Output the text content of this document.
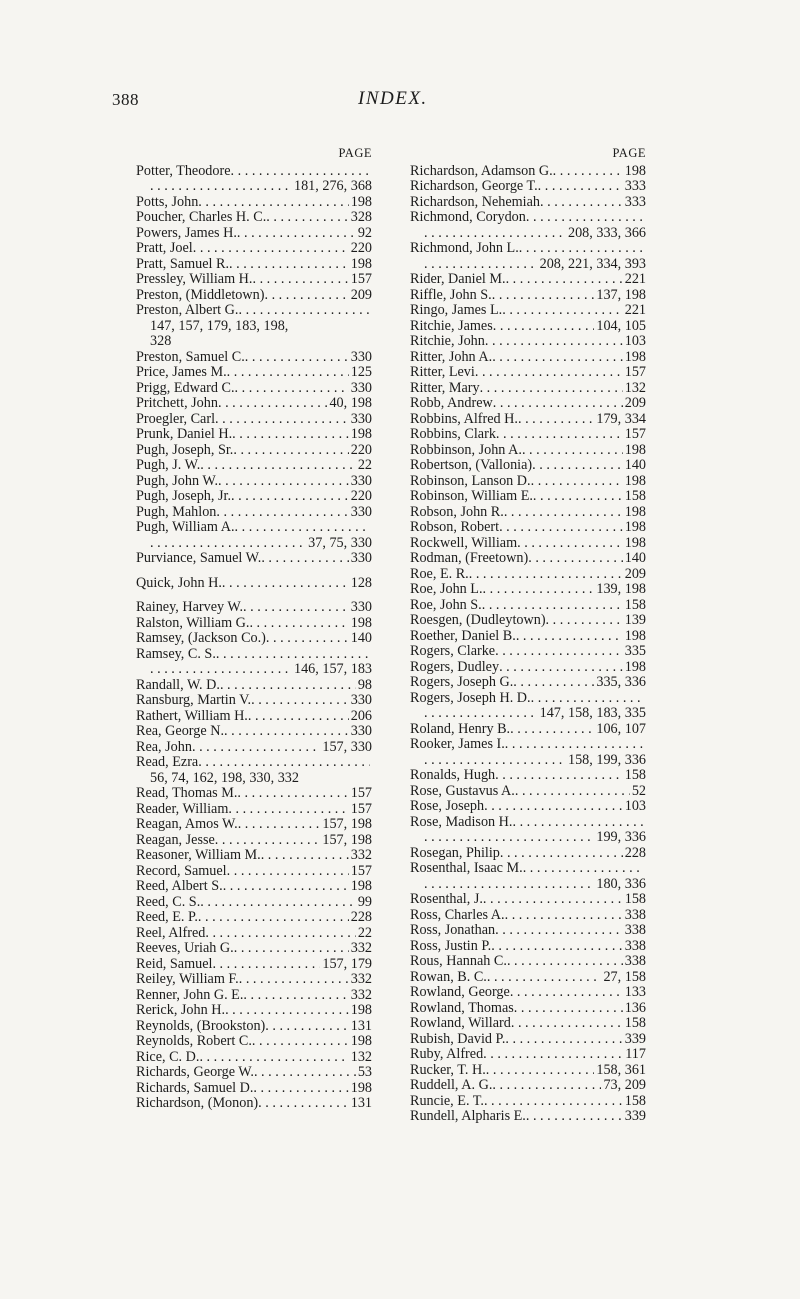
388	INDEX.
PAGE
Potter, Theodore
. . .
. . .
181, 276, 368
Potts, John . . .	198
Poucher, Charles H. C. . . .	328
Powers, James H. . . .	92
Pratt, Joel . . .	220
Pratt, Samuel R. . . .	198
Pressley, William H. . . .	157
Preston, (Middletown) . . .	209
Preston, Albert G.
. . .
147, 157, 179, 183, 198,
328
Preston, Samuel C. . . .	330
Price, James M. . . .	125
Prigg, Edward C. . . .	330
Pritchett, John . . .	40, 198
Proegler, Carl . . .	330
Prunk, Daniel H. . . .	198
Pugh, Joseph, Sr. . . .	220
Pugh, J. W. . . .	22
Pugh, John W. . . .	330
Pugh, Joseph, Jr. . . .	220
Pugh, Mahlon . . .	330
Pugh, William A.
. . .
. . .
37, 75, 330
Purviance, Samuel W. . . .	330
Quick, John H. . . .	128
Rainey, Harvey W. . . .	330
Ralston, William G. . . .	198
Ramsey, (Jackson Co.) . . .	140
Ramsey, C. S.
. . .
. . .
146, 157, 183
Randall, W. D. . . .	98
Ransburg, Martin V. . . .	330
Rathert, William H. . . .	206
Rea, George N. . . .	330
Rea, John . . .	157, 330
Read, Ezra
. . .
56, 74, 162, 198, 330, 332
Read, Thomas M. . . .	157
Reader, William . . .	157
Reagan, Amos W. . . .	157, 198
Reagan, Jesse . . .	157, 198
Reasoner, William M. . . .	332
Record, Samuel . . .	157
Reed, Albert S. . . .	198
Reed, C. S. . . .	99
Reed, E. P. . . .	228
Reel, Alfred . . .	22
Reeves, Uriah G. . . .	332
Reid, Samuel . . .	157, 179
Reiley, William F. . . .	332
Renner, John G. E. . . .	332
Rerick, John H. . . .	198
Reynolds, (Brookston) . . .	131
Reynolds, Robert C. . . .	198
Rice, C. D. . . .	132
Richards, George W. . . .	53
Richards, Samuel D. . . .	198
Richardson, (Monon) . . .	131
PAGE
Richardson, Adamson G. . . .	198
Richardson, George T. . . .	333
Richardson, Nehemiah . . .	333
Richmond, Corydon
. . .
. . .
208, 333, 366
Richmond, John L.
. . .
. . .
208, 221, 334, 393
Rider, Daniel M. . . .	221
Riffle, John S. . . .	137, 198
Ringo, James L. . . .	221
Ritchie, James . . .	104, 105
Ritchie, John . . .	103
Ritter, John A. . . .	198
Ritter, Levi . . .	157
Ritter, Mary . . .	132
Robb, Andrew . . .	209
Robbins, Alfred H. . . .	179, 334
Robbins, Clark . . .	157
Robbinson, John A. . . .	198
Robertson, (Vallonia) . . .	140
Robinson, Lanson D. . . .	198
Robinson, William E. . . .	158
Robson, John R. . . .	198
Robson, Robert . . .	198
Rockwell, William . . .	198
Rodman, (Freetown) . . .	140
Roe, E. R. . . .	209
Roe, John L. . . .	139, 198
Roe, John S. . . .	158
Roesgen, (Dudleytown) . . .	139
Roether, Daniel B. . . .	198
Rogers, Clarke . . .	335
Rogers, Dudley . . .	198
Rogers, Joseph G. . . .	335, 336
Rogers, Joseph H. D.
. . .
. . .
147, 158, 183, 335
Roland, Henry B. . . .	106, 107
Rooker, James I.
. . .
. . .
158, 199, 336
Ronalds, Hugh . . .	158
Rose, Gustavus A. . . .	52
Rose, Joseph . . .	103
Rose, Madison H.
. . .
. . .
199, 336
Rosegan, Philip . . .	228
Rosenthal, Isaac M.
. . .
. . .
180, 336
Rosenthal, J. . . .	158
Ross, Charles A. . . .	338
Ross, Jonathan . . .	338
Ross, Justin P. . . .	338
Rous, Hannah C. . . .	338
Rowan, B. C. . . .	27, 158
Rowland, George . . .	133
Rowland, Thomas . . .	136
Rowland, Willard . . .	158
Rubish, David P. . . .	339
Ruby, Alfred . . .	117
Rucker, T. H. . . .	158, 361
Ruddell, A. G. . . .	73, 209
Runcie, E. T. . . .	158
Rundell, Alpharis E. . . .	339
